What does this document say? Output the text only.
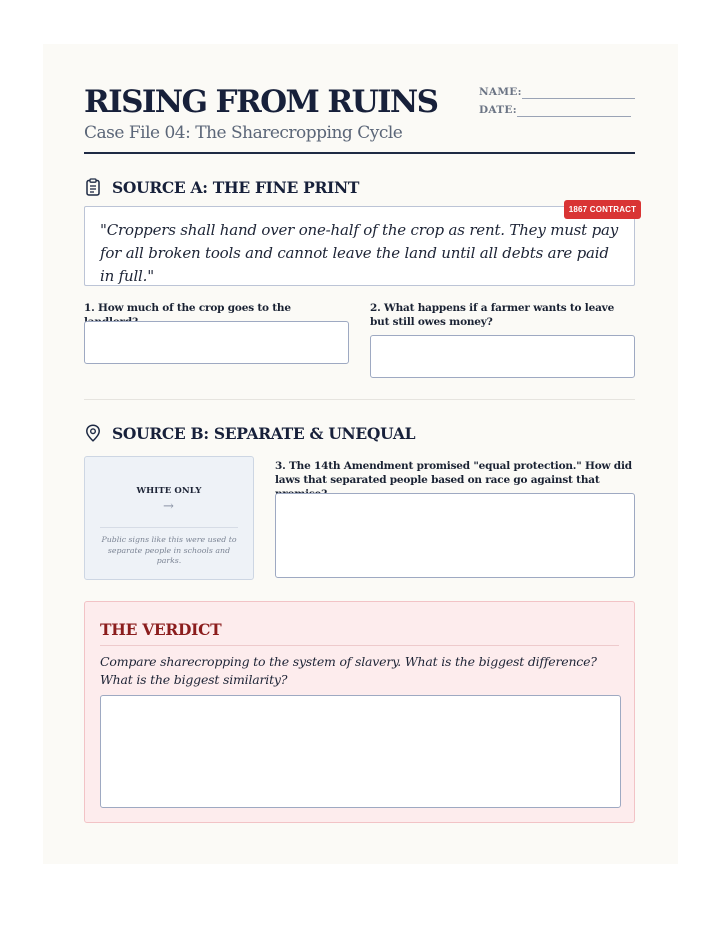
RISING FROM RUINS
Case File 04: The Sharecropping Cycle
NAME:
DATE:
SOURCE A: THE FINE PRINT
"Croppers shall hand over one-half of the crop as rent. They must pay for all broken tools and cannot leave the land until all debts are paid in full."
1867 CONTRACT
1. How much of the crop goes to the	2. What happens if a farmer wants to leave but still owes money?
SOURCE B: SEPARATE & UNEQUAL
WHITE ONLY
→
Public signs like this were used to separate people in schools and parks.
3. The 14th Amendment promised "equal protection." How did laws that separated people based on race go against that
THE VERDICT
Compare sharecropping to the system of slavery. What is the biggest difference? What is the biggest similarity?
